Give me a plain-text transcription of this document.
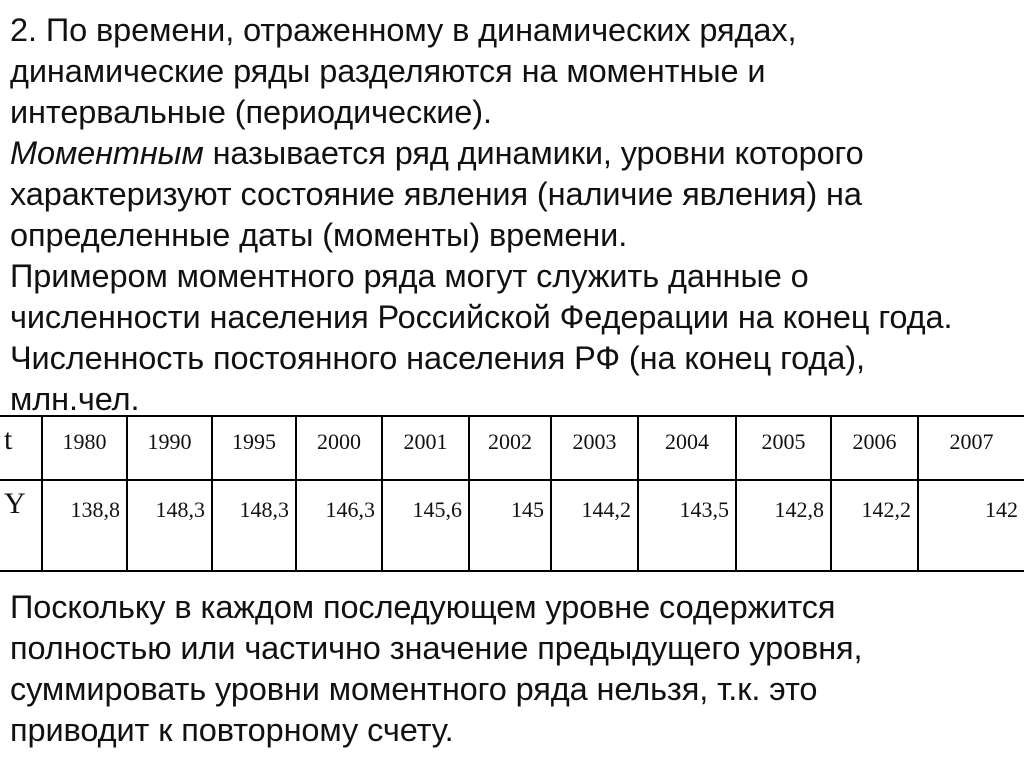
2. По времени, отраженному в динамических рядах,
динамические ряды разделяются на моментные и
интервальные (периодические).
Моментным называется ряд динамики, уровни которого
характеризуют состояние явления (наличие явления) на
определенные даты (моменты) времени.
Примером моментного ряда могут служить данные о
численности населения Российской Федерации на конец года.
Численность постоянного населения РФ (на конец года),
млн.чел.
t	1980	1990	1995	2000	2001	2002	2003	2004	2005	2006	2007
Y	138,8	148,3	148,3	146,3	145,6	145	144,2	143,5	142,8	142,2	142
Поскольку в каждом последующем уровне содержится
полностью или частично значение предыдущего уровня,
суммировать уровни моментного ряда нельзя, т.к. это
приводит к повторному счету.
